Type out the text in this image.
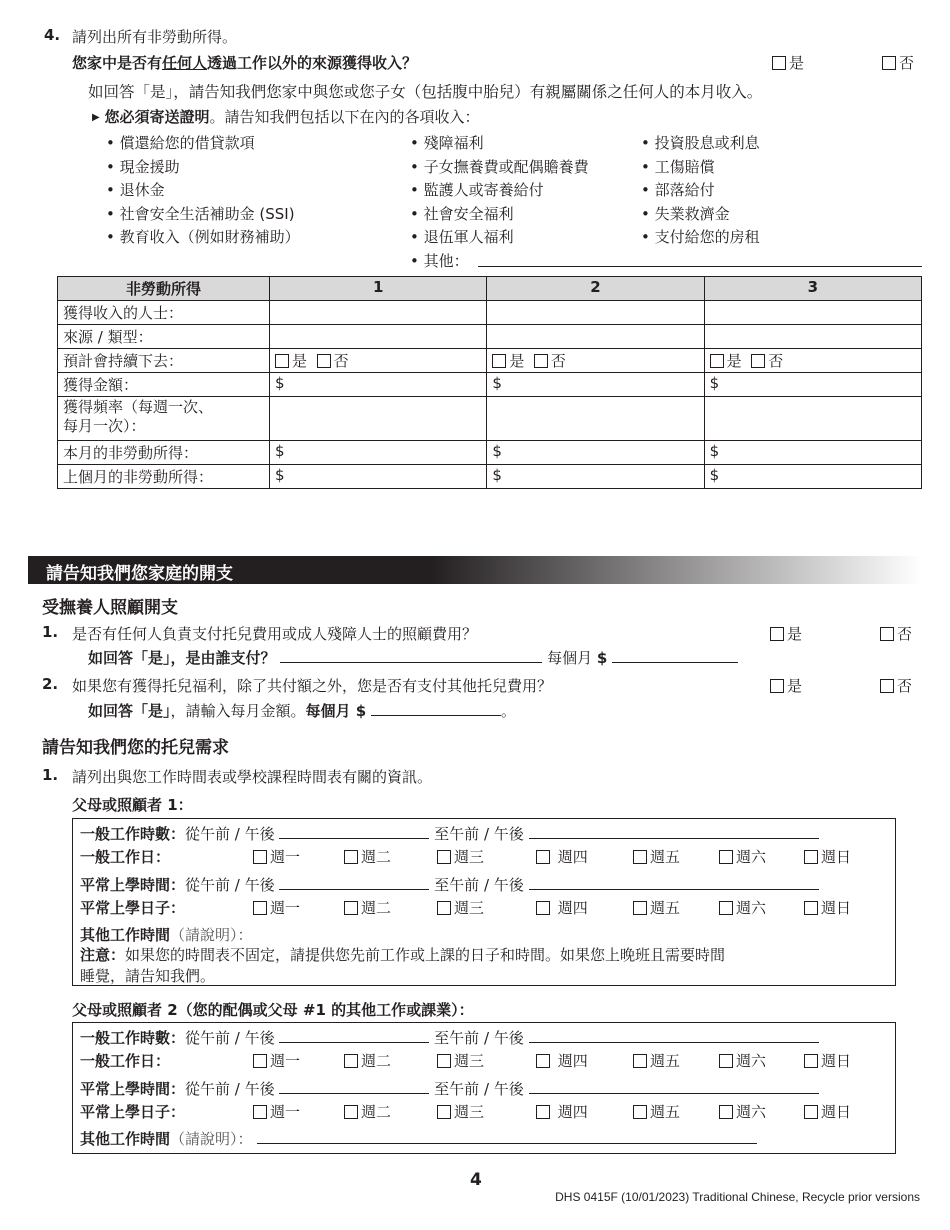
4. 請列出所有非勞動所得。
您家中是否有任何人透過工作以外的來源獲得收入？	是	否
如回答「是」，請告知我們您家中與您或您子女（包括腹中胎兒）有親屬關係之任何人的本月收入。
▶ 您必須寄送證明。請告知我們包括以下在內的各項收入：
• 償還給您的借貸款項
• 現金援助
• 退休金
• 社會安全生活補助金 (SSI)
• 教育收入（例如財務補助）
• 殘障福利
• 子女撫養費或配偶贍養費
• 監護人或寄養給付
• 社會安全福利
• 退伍軍人福利
• 其他：
• 投資股息或利息
• 工傷賠償
• 部落給付
• 失業救濟金
• 支付給您的房租
非勞動所得	1	2	3
獲得收入的人士：			
來源 / 類型：			
預計會持續下去：	是 否	是 否	是 否
獲得金額：	$	$	$

獲得頻率（每週一次、
每月一次）：			

本月的非勞動所得：	$	$	$
上個月的非勞動所得：	$	$	$
請告知我們您家庭的開支
受撫養人照顧開支
1. 是否有任何人負責支付托兒費用或成人殘障人士的照顧費用？	是	否
如回答「是」，是由誰支付？	每個月 $
2. 如果您有獲得托兒福利，除了共付額之外，您是否有支付其他托兒費用？	是	否
如回答「是」，請輸入每月金額。每個月 $	。
請告知我們您的托兒需求
1. 請列出與您工作時間表或學校課程時間表有關的資訊。
父母或照顧者 1：
一般工作時數：從午前 / 午後	至午前 / 午後
一般工作日：	週一	週二	週三	週四	週五	週六	週日
平常上學時間：從午前 / 午後	至午前 / 午後
平常上學日子：	週一	週二	週三	週四	週五	週六	週日
其他工作時間（請說明）：
注意：如果您的時間表不固定，請提供您先前工作或上課的日子和時間。如果您上晚班且需要時間
睡覺，請告知我們。
父母或照顧者 2（您的配偶或父母 #1 的其他工作或課業）：
一般工作時數：從午前 / 午後	至午前 / 午後
一般工作日：	週一	週二	週三	週四	週五	週六	週日
平常上學時間：從午前 / 午後	至午前 / 午後
平常上學日子：	週一	週二	週三	週四	週五	週六	週日
其他工作時間（請說明）：
4
DHS 0415F (10/01/2023) Traditional Chinese, Recycle prior versions
